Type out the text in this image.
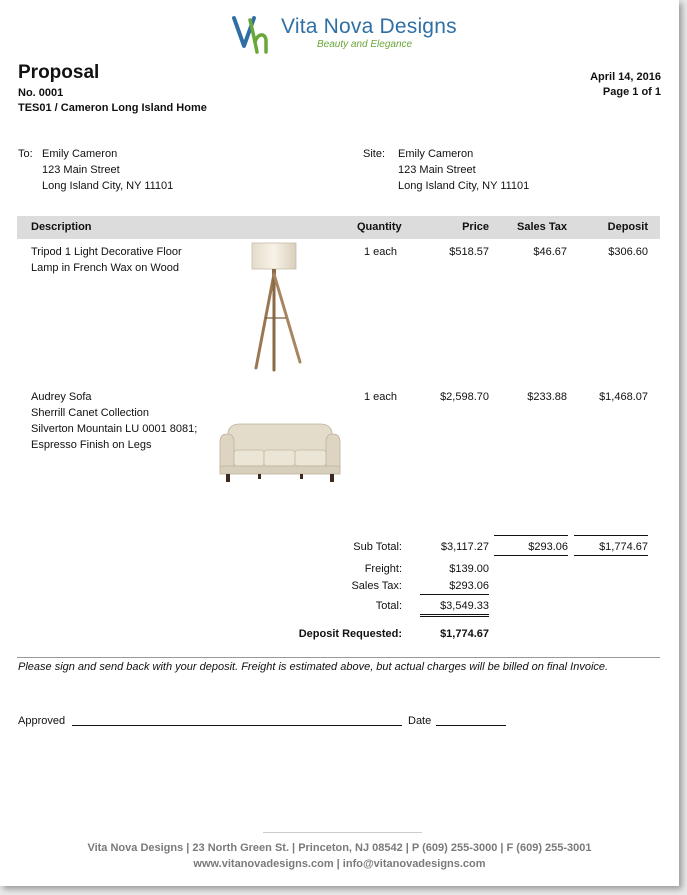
Vita Nova Designs
Beauty and Elegance
Proposal
No. 0001
TES01 / Cameron Long Island Home
April 14, 2016
Page 1 of 1
To: Emily Cameron
123 Main Street
Long Island City, NY 11101
Site: Emily Cameron
123 Main Street
Long Island City, NY 11101
Description	Quantity	Price	Sales Tax	Deposit
Tripod 1 Light Decorative Floor
Lamp in French Wax on Wood
1 each	$518.57	$46.67	$306.60
Audrey Sofa
Sherrill Canet Collection
Silverton Mountain LU 0001 8081;
Espresso Finish on Legs
1 each	$2,598.70	$233.88	$1,468.07
Sub Total:	$3,117.27	$293.06	$1,774.67
Freight:	$139.00
Sales Tax:	$293.06
Total:	$3,549.33
Deposit Requested:	$1,774.67
Please sign and send back with your deposit. Freight is estimated above, but actual charges will be billed on final Invoice.
Approved	Date
Vita Nova Designs | 23 North Green St. | Princeton, NJ 08542 | P (609) 255-3000 | F (609) 255-3001
www.vitanovadesigns.com | info@vitanovadesigns.com
